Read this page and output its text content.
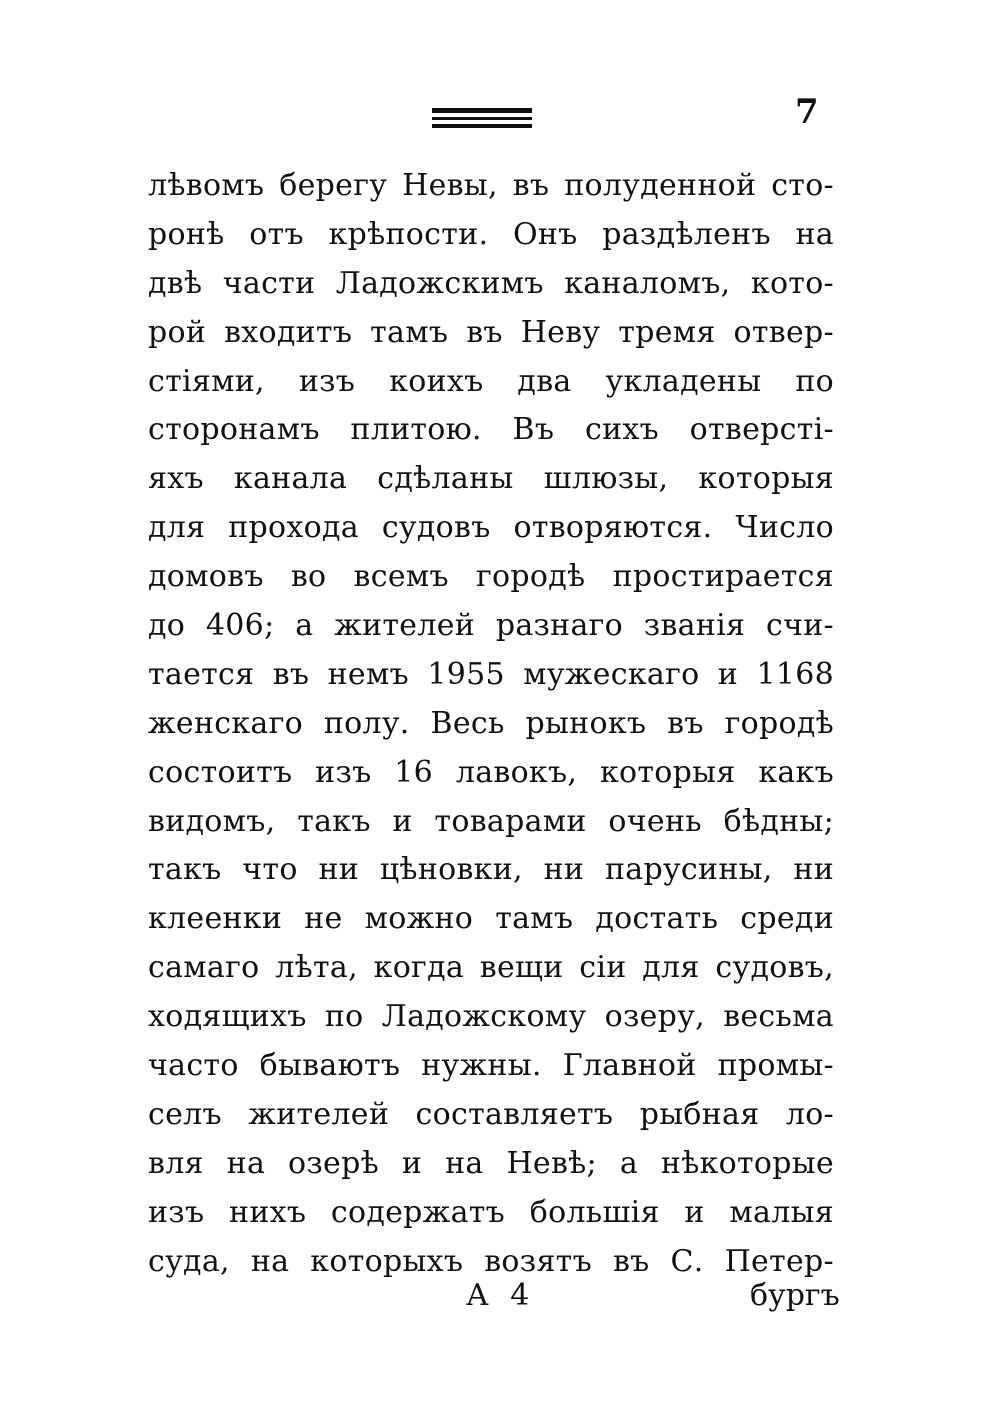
7
лѣвомъ берегу Невы, въ полуденной сто-
ронѣ отъ крѣпости. Онъ раздѣленъ на
двѣ части Ладожскимъ каналомъ, кото-
рой входитъ тамъ въ Неву тремя отвер-
стіями, изъ коихъ два укладены по
сторонамъ плитою. Въ сихъ отверстi-
яхъ канала сдѣланы шлюзы, которыя
для прохода судовъ отворяются. Число
домовъ во всемъ городѣ простирается
до 406; а жителей разнаго званія счи-
тается въ немъ 1955 мужескаго и 1168
женскаго полу. Весь рынокъ въ городѣ
состоитъ изъ 16 лавокъ, которыя какъ
видомъ, такъ и товарами очень бѣдны;
такъ что ни цѣновки, ни парусины, ни
клеенки не можно тамъ достать среди
самаго лѣта, когда вещи сіи для судовъ,
ходящихъ по Ладожскому озеру, весьма
часто бываютъ нужны. Главной промы-
селъ жителей составляетъ рыбная ло-
вля на озерѣ и на Невѣ; а нѣкоторые
изъ нихъ содержатъ большія и малыя
суда, на которыхъ возятъ въ С. Петер-
А 4	бургъ
